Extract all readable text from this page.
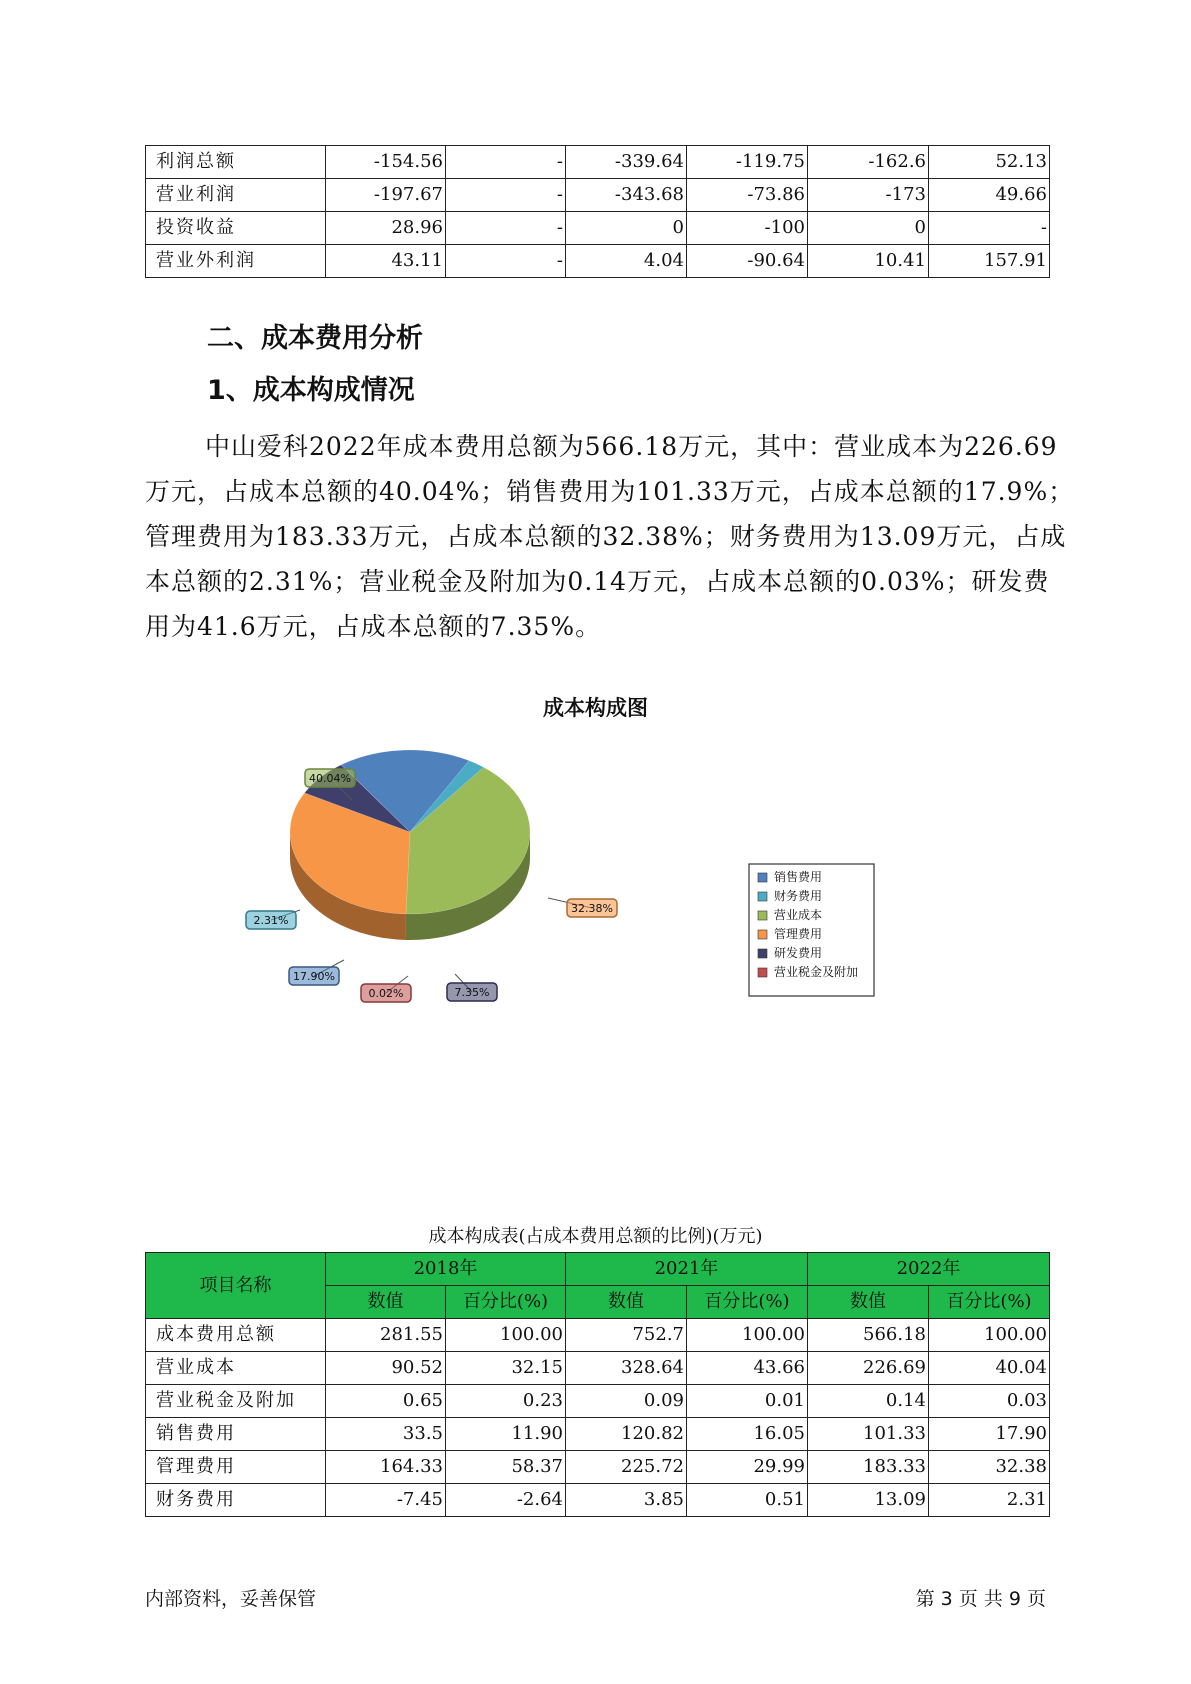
利润总额	-154.56	-	-339.64	-119.75	-162.6	52.13
营业利润	-197.67	-	-343.68	-73.86	-173	49.66
投资收益	28.96	-	0	-100	0	-
营业外利润	43.11	-	4.04	-90.64	10.41	157.91
二、成本费用分析
1、成本构成情况

中山爱科2022年成本费用总额为566.18万元，其中：营业成本为226.69万元，占成本总额的40.04%；销售费用为101.33万元，占成本总额的17.9%；管理费用为183.33万元，占成本总额的32.38%；财务费用为13.09万元，占成本总额的2.31%；营业税金及附加为0.14万元，占成本总额的0.03%；研发费用为41.6万元，占成本总额的7.35%。

成本构成图
40.04%
32.38%
7.35%
0.02%
17.90%
2.31%
销售费用
财务费用
营业成本
管理费用
研发费用
营业税金及附加
成本构成表(占成本费用总额的比例)(万元)
项目名称	2018年		2021年		2022年	
	数值	百分比(%)	数值	百分比(%)	数值	百分比(%)
成本费用总额	281.55	100.00	752.7	100.00	566.18	100.00
营业成本	90.52	32.15	328.64	43.66	226.69	40.04
营业税金及附加	0.65	0.23	0.09	0.01	0.14	0.03
销售费用	33.5	11.90	120.82	16.05	101.33	17.90
管理费用	164.33	58.37	225.72	29.99	183.33	32.38
财务费用	-7.45	-2.64	3.85	0.51	13.09	2.31
内部资料，妥善保管	第 3 页 共 9 页
